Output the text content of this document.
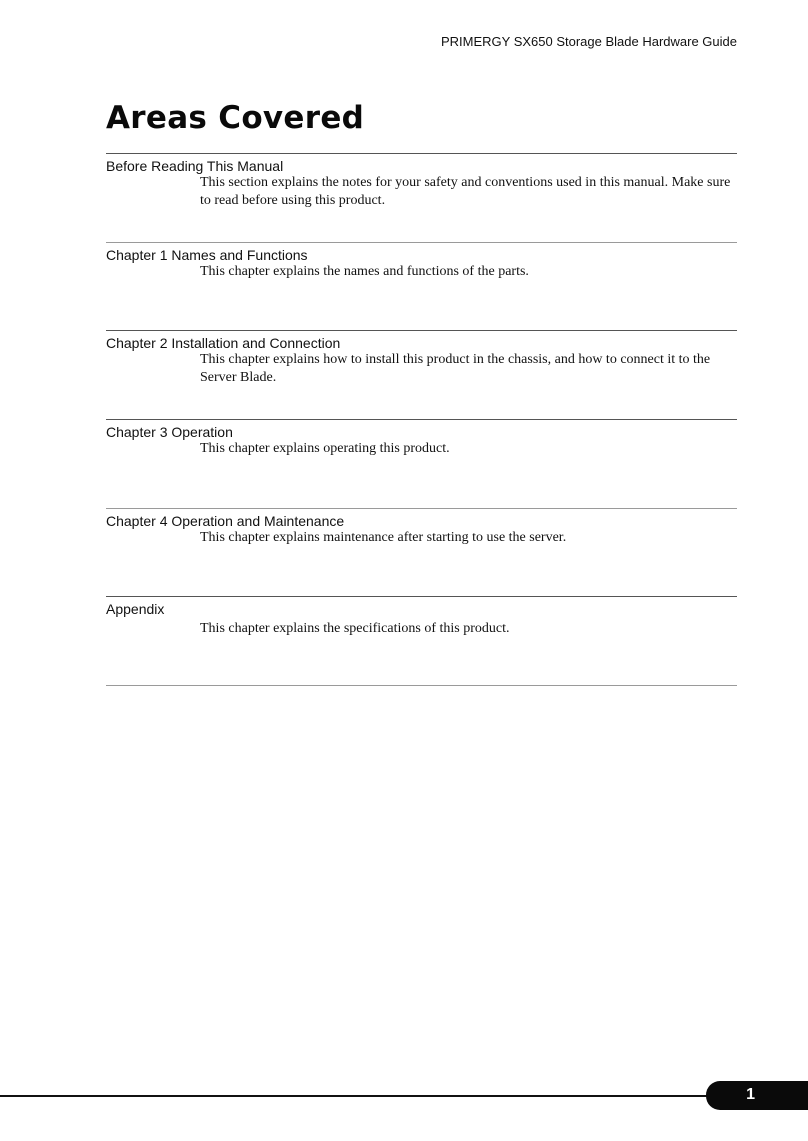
PRIMERGY SX650 Storage Blade Hardware Guide
Areas Covered
Before Reading This Manual
This section explains the notes for your safety and conventions used in this manual. Make sure to read before using this product.
Chapter 1 Names and Functions
This chapter explains the names and functions of the parts.
Chapter 2 Installation and Connection
This chapter explains how to install this product in the chassis, and how to connect it to the Server Blade.
Chapter 3 Operation
This chapter explains operating this product.
Chapter 4 Operation and Maintenance
This chapter explains maintenance after starting to use the server.
Appendix
This chapter explains the specifications of this product.
1
